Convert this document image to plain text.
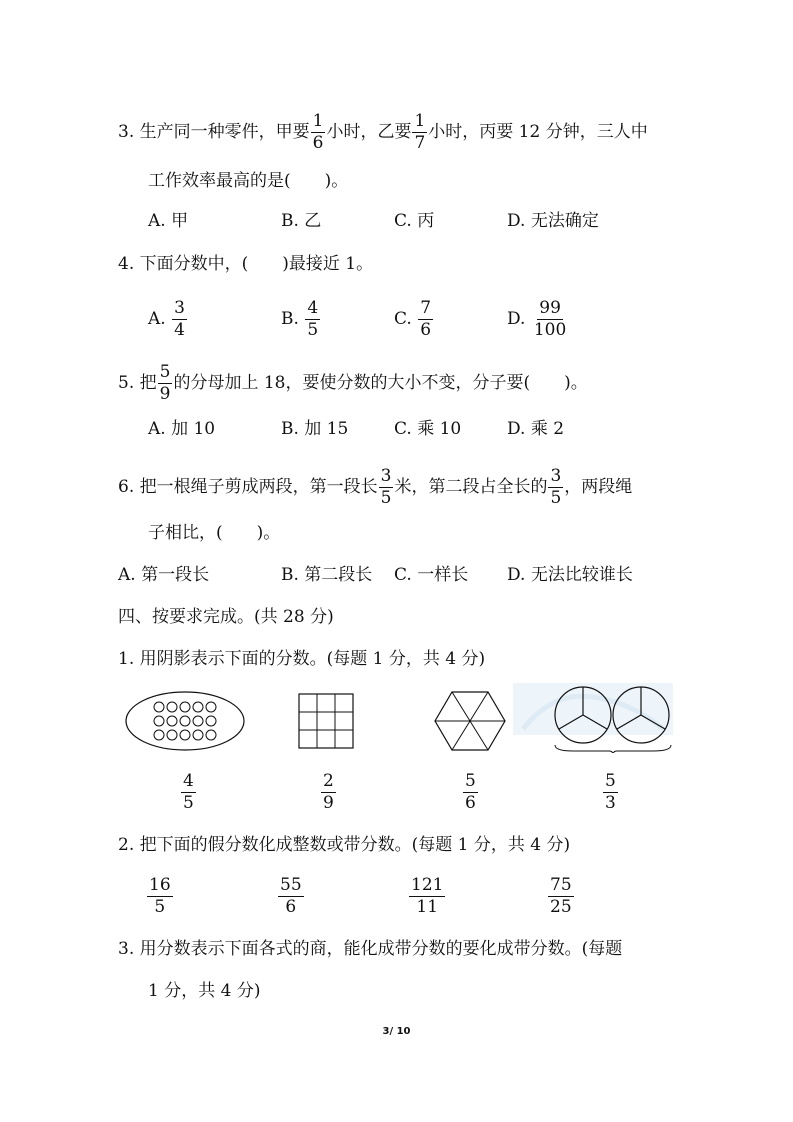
3. 生产同一种零件，甲要 $\frac{1}{6}$ 小时，乙要 $\frac{1}{7}$ 小时，丙要 12 分钟，三人中
工作效率最高的是(　　)。
A. 甲	B. 乙	C. 丙	D. 无法确定
4. 下面分数中，(　　)最接近 1。
A. $\frac{3}{4}$	B. $\frac{4}{5}$	C. $\frac{7}{6}$	D. $\frac{99}{100}$
5. 把 $\frac{5}{9}$ 的分母加上 18，要使分数的大小不变，分子要(　　)。
A. 加 10	B. 加 15	C. 乘 10	D. 乘 2
6. 把一根绳子剪成两段，第一段长 $\frac{3}{5}$ 米，第二段占全长的 $\frac{3}{5}$ ，两段绳
子相比，(　　)。
A. 第一段长	B. 第二段长 C. 一样长 D. 无法比较谁长
四、按要求完成。(共 28 分)
1. 用阴影表示下面的分数。(每题 1 分，共 4 分)
$\frac{4}{5}$	$\frac{2}{9}$	$\frac{5}{6}$	$\frac{5}{3}$
2. 把下面的假分数化成整数或带分数。(每题 1 分，共 4 分)
$\frac{16}{5}$	$\frac{55}{6}$	$\frac{121}{11}$	$\frac{75}{25}$
3. 用分数表示下面各式的商，能化成带分数的要化成带分数。(每题
1 分，共 4 分)
3/ 10
